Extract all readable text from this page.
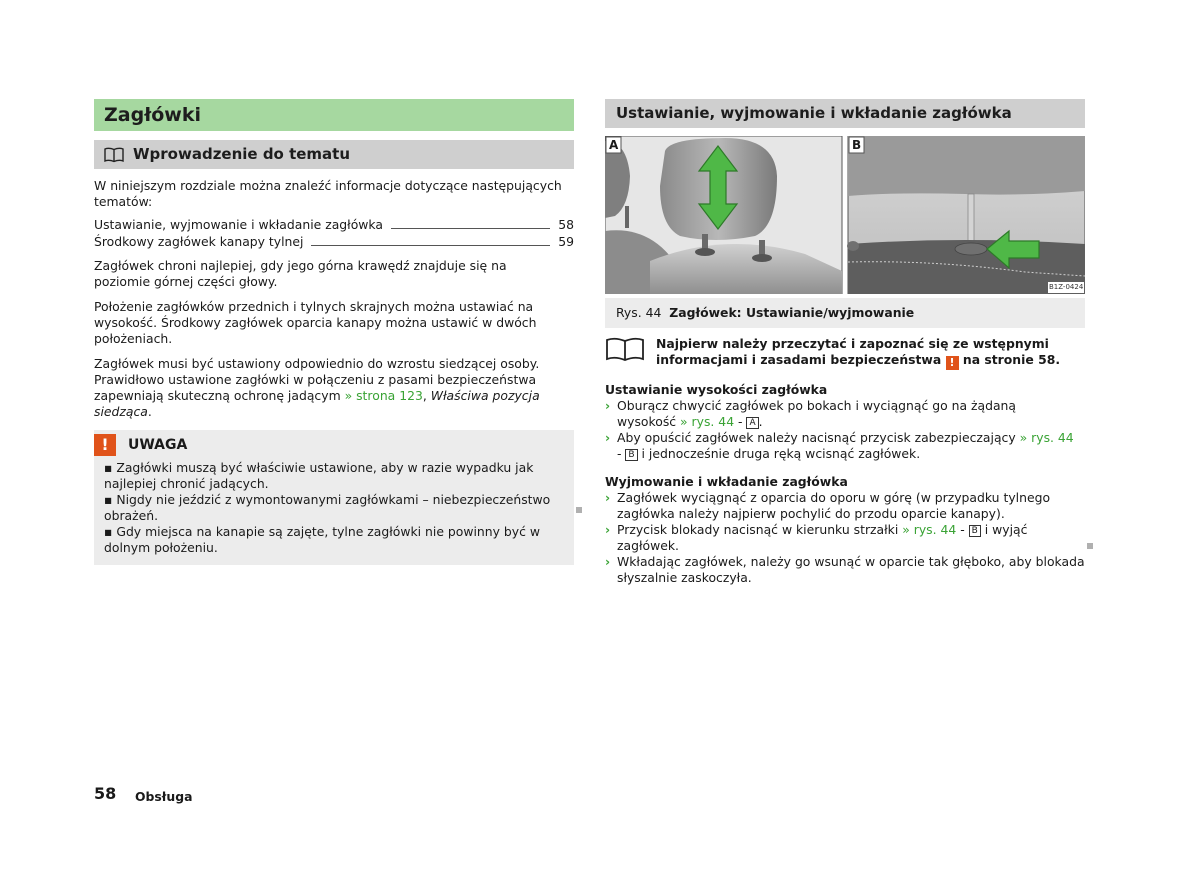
Zagłówki
Wprowadzenie do tematu

W niniejszym rozdziale można znaleźć informacje dotyczące następujących tematów:

Ustawianie, wyjmowanie i wkładanie zagłówka	58
Środkowy zagłówek kanapy tylnej	59

Zagłówek chroni najlepiej, gdy jego górna krawędź znajduje się na poziomie górnej części głowy.

Położenie zagłówków przednich i tylnych skrajnych można ustawiać na wysokość. Środkowy zagłówek oparcia kanapy można ustawić w dwóch położeniach.

Zagłówek musi być ustawiony odpowiednio do wzrostu siedzącej osoby. Prawidłowo ustawione zagłówki w połączeniu z pasami bezpieczeństwa zapewniają skuteczną ochronę jadącym » strona 123, Właściwa pozycja siedząca.

!	UWAGA

▪ Zagłówki muszą być właściwie ustawione, aby w razie wypadku jak najlepiej chronić jadących.

▪ Nigdy nie jeździć z wymontowanymi zagłówkami – niebezpieczeństwo obrażeń.

▪ Gdy miejsca na kanapie są zajęte, tylne zagłówki nie powinny być w dolnym położeniu.

Ustawianie, wyjmowanie i wkładanie zagłówka
A	B
B1Z-0424
Rys. 44 Zagłówek: Ustawianie/wyjmowanie

Najpierw należy przeczytać i zapoznać się ze wstępnymi informacjami i zasadami bezpieczeństwa ! na stronie 58.

Ustawianie wysokości zagłówka

› Oburącz chwycić zagłówek po bokach i wyciągnąć go na żądaną wysokość » rys. 44 - A .

› Aby opuścić zagłówek należy nacisnąć przycisk zabezpieczający » rys. 44 - B i jednocześnie druga ręką wcisnąć zagłówek.

Wyjmowanie i wkładanie zagłówka

› Zagłówek wyciągnąć z oparcia do oporu w górę (w przypadku tylnego zagłówka należy najpierw pochylić do przodu oparcie kanapy).

› Przycisk blokady nacisnąć w kierunku strzałki » rys. 44 - B i wyjąć zagłówek.

› Wkładając zagłówek, należy go wsunąć w oparcie tak głęboko, aby blokada słyszalnie zaskoczyła.

58 Obsługa
